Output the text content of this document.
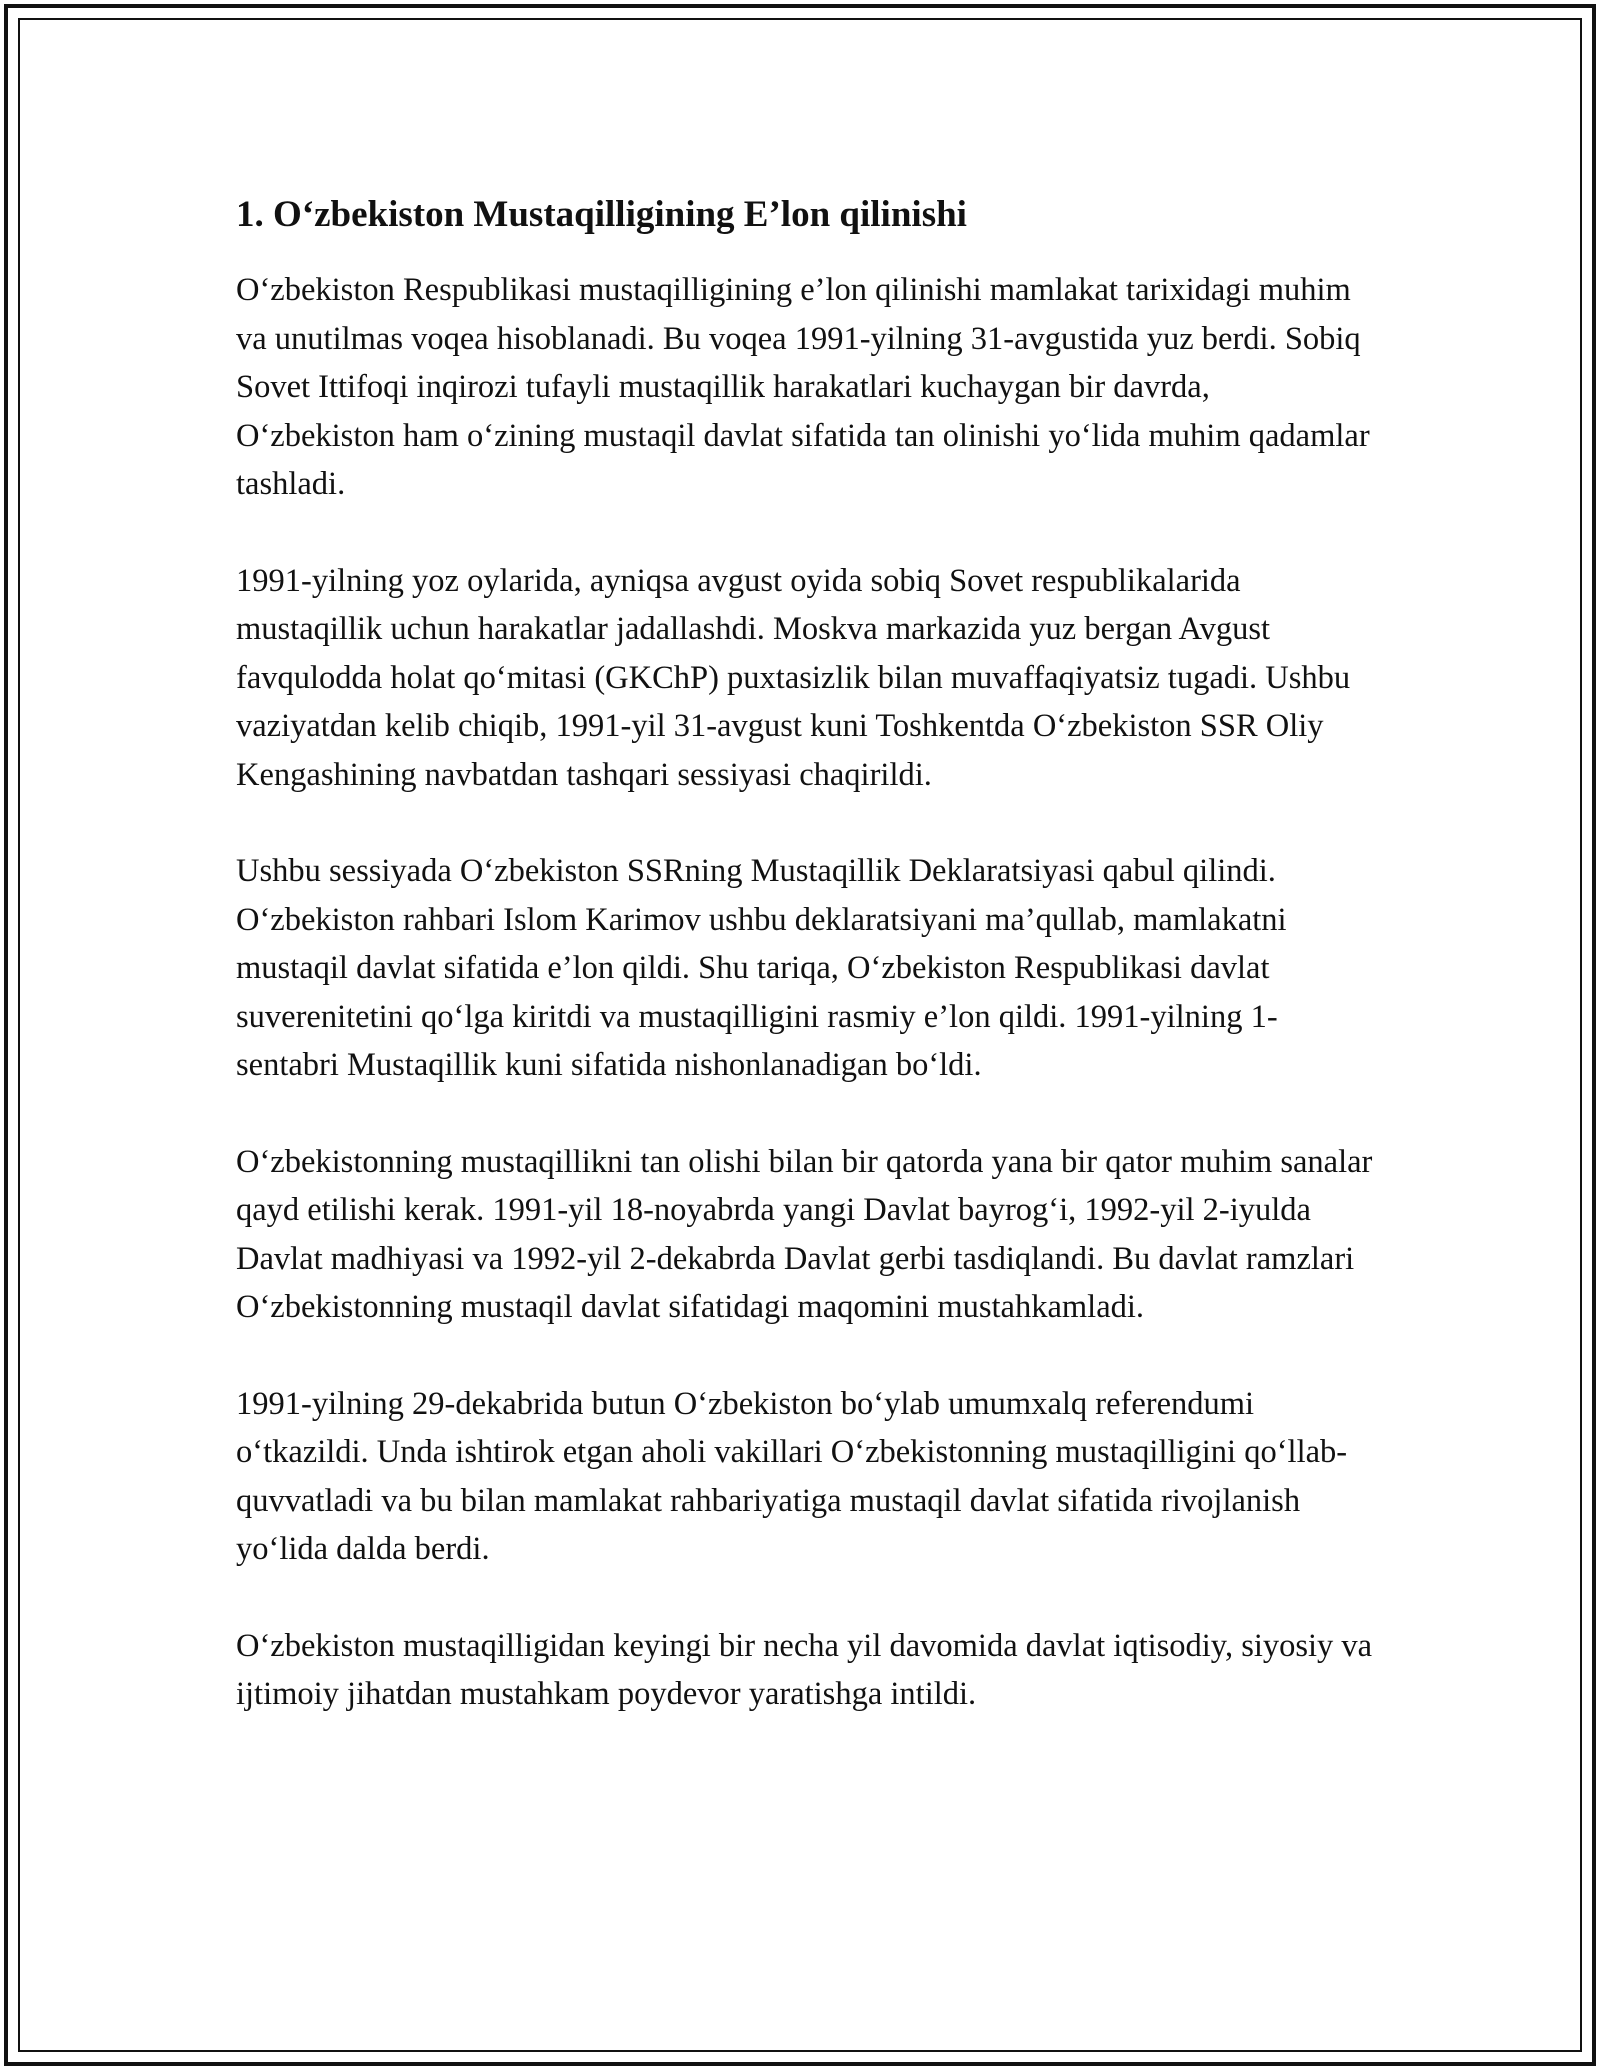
1. O‘zbekiston Mustaqilligining E’lon qilinishi

O‘zbekiston Respublikasi mustaqilligining e’lon qilinishi mamlakat tarixidagi muhim va unutilmas voqea hisoblanadi. Bu voqea 1991-yilning 31-avgustida yuz berdi. Sobiq Sovet Ittifoqi inqirozi tufayli mustaqillik harakatlari kuchaygan bir davrda, O‘zbekiston ham o‘zining mustaqil davlat sifatida tan olinishi yo‘lida muhim qadamlar tashladi.

1991-yilning yoz oylarida, ayniqsa avgust oyida sobiq Sovet respublikalarida mustaqillik uchun harakatlar jadallashdi. Moskva markazida yuz bergan Avgust favqulodda holat qo‘mitasi (GKChP) puxtasizlik bilan muvaffaqiyatsiz tugadi. Ushbu vaziyatdan kelib chiqib, 1991-yil 31-avgust kuni Toshkentda O‘zbekiston SSR Oliy Kengashining navbatdan tashqari sessiyasi chaqirildi.

Ushbu sessiyada O‘zbekiston SSRning Mustaqillik Deklaratsiyasi qabul qilindi. O‘zbekiston rahbari Islom Karimov ushbu deklaratsiyani ma’qullab, mamlakatni mustaqil davlat sifatida e’lon qildi. Shu tariqa, O‘zbekiston Respublikasi davlat suverenitetini qo‘lga kiritdi va mustaqilligini rasmiy e’lon qildi. 1991-yilning 1-sentabri Mustaqillik kuni sifatida nishonlanadigan bo‘ldi.

O‘zbekistonning mustaqillikni tan olishi bilan bir qatorda yana bir qator muhim sanalar qayd etilishi kerak. 1991-yil 18-noyabrda yangi Davlat bayrog‘i, 1992-yil 2-iyulda Davlat madhiyasi va 1992-yil 2-dekabrda Davlat gerbi tasdiqlandi. Bu davlat ramzlari O‘zbekistonning mustaqil davlat sifatidagi maqomini mustahkamladi.

1991-yilning 29-dekabrida butun O‘zbekiston bo‘ylab umumxalq referendumi o‘tkazildi. Unda ishtirok etgan aholi vakillari O‘zbekistonning mustaqilligini qo‘llab-quvvatladi va bu bilan mamlakat rahbariyatiga mustaqil davlat sifatida rivojlanish yo‘lida dalda berdi.

O‘zbekiston mustaqilligidan keyingi bir necha yil davomida davlat iqtisodiy, siyosiy va ijtimoiy jihatdan mustahkam poydevor yaratishga intildi.
